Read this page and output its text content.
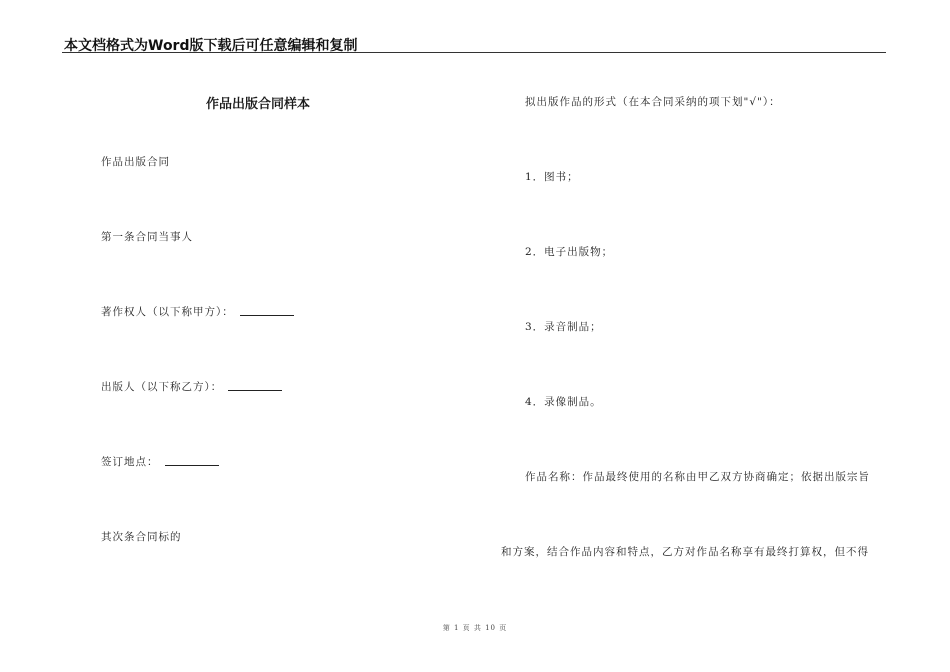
本文档格式为Word版下载后可任意编辑和复制
作品出版合同样本
作品出版合同
第一条合同当事人
著作权人（以下称甲方）：
出版人（以下称乙方）：
签订地点：
其次条合同标的
拟出版作品的形式（在本合同采纳的项下划"√"）：
1．图书；
2．电子出版物；
3．录音制品；
4．录像制品。
作品名称：作品最终使用的名称由甲乙双方协商确定；依据出版宗旨
和方案，结合作品内容和特点，乙方对作品名称享有最终打算权，但不得
第 1 页 共 10 页
